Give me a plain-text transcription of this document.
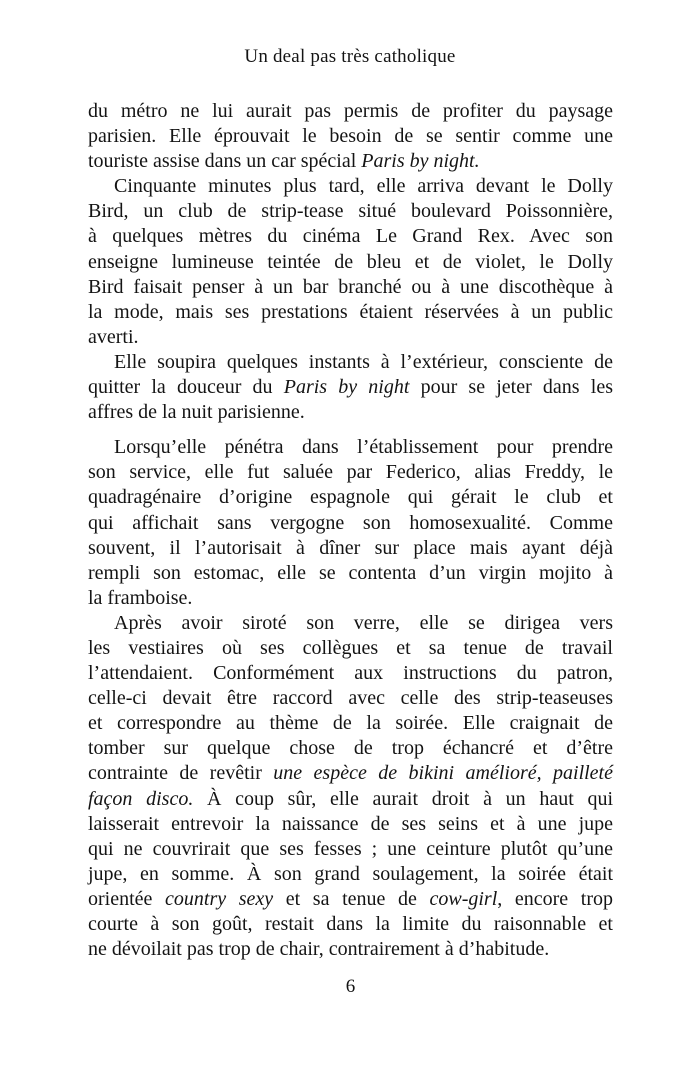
Un deal pas très catholique
du métro ne lui aurait pas permis de profiter du paysage
parisien. Elle éprouvait le besoin de se sentir comme une
touriste assise dans un car spécial Paris by night.
Cinquante minutes plus tard, elle arriva devant le Dolly
Bird, un club de strip-tease situé boulevard Poissonnière,
à quelques mètres du cinéma Le Grand Rex. Avec son
enseigne lumineuse teintée de bleu et de violet, le Dolly
Bird faisait penser à un bar branché ou à une discothèque à
la mode, mais ses prestations étaient réservées à un public
averti.
Elle soupira quelques instants à l’extérieur, consciente de
quitter la douceur du Paris by night pour se jeter dans les
affres de la nuit parisienne.
Lorsqu’elle pénétra dans l’établissement pour prendre
son service, elle fut saluée par Federico, alias Freddy, le
quadragénaire d’origine espagnole qui gérait le club et
qui affichait sans vergogne son homosexualité. Comme
souvent, il l’autorisait à dîner sur place mais ayant déjà
rempli son estomac, elle se contenta d’un virgin mojito à
la framboise.
Après avoir siroté son verre, elle se dirigea vers
les vestiaires où ses collègues et sa tenue de travail
l’attendaient. Conformément aux instructions du patron,
celle-ci devait être raccord avec celle des strip-teaseuses
et correspondre au thème de la soirée. Elle craignait de
tomber sur quelque chose de trop échancré et d’être
contrainte de revêtir une espèce de bikini amélioré, pailleté
façon disco. À coup sûr, elle aurait droit à un haut qui
laisserait entrevoir la naissance de ses seins et à une jupe
qui ne couvrirait que ses fesses ; une ceinture plutôt qu’une
jupe, en somme. À son grand soulagement, la soirée était
orientée country sexy et sa tenue de cow-girl, encore trop
courte à son goût, restait dans la limite du raisonnable et
ne dévoilait pas trop de chair, contrairement à d’habitude.
6
